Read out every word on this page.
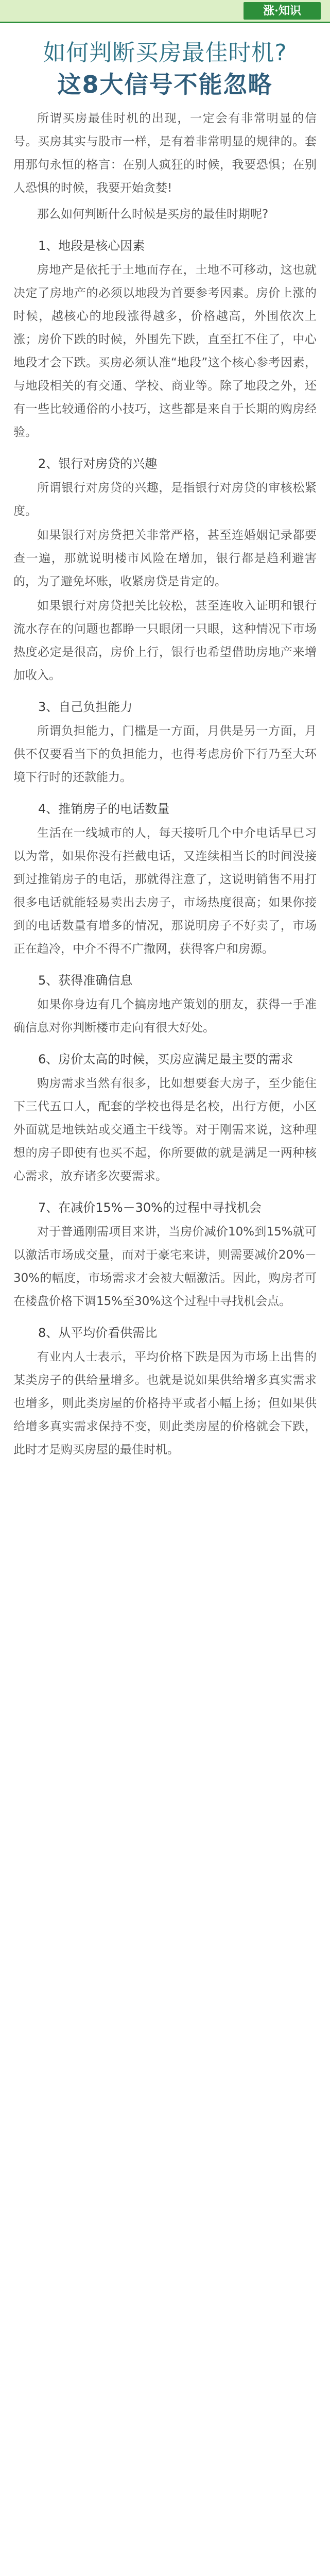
涨·知识
如何判断买房最佳时机?
这8大信号不能忽略

所谓买房最佳时机的出现，一定会有非常明显的信号。买房其实与股市一样，是有着非常明显的规律的。套用那句永恒的格言：在别人疯狂的时候，我要恐惧；在别人恐惧的时候，我要开始贪婪!

那么如何判断什么时候是买房的最佳时期呢?

1、地段是核心因素

房地产是依托于土地而存在，土地不可移动，这也就决定了房地产的必须以地段为首要参考因素。房价上涨的时候，越核心的地段涨得越多，价格越高，外围依次上涨；房价下跌的时候，外围先下跌，直至扛不住了，中心地段才会下跌。买房必须认准“地段”这个核心参考因素，与地段相关的有交通、学校、商业等。除了地段之外，还有一些比较通俗的小技巧，这些都是来自于长期的购房经验。

2、银行对房贷的兴趣

所谓银行对房贷的兴趣，是指银行对房贷的审核松紧度。

如果银行对房贷把关非常严格，甚至连婚姻记录都要查一遍，那就说明楼市风险在增加，银行都是趋利避害的，为了避免坏账，收紧房贷是肯定的。

如果银行对房贷把关比较松，甚至连收入证明和银行流水存在的问题也都睁一只眼闭一只眼，这种情况下市场热度必定是很高，房价上行，银行也希望借助房地产来增加收入。

3、自己负担能力

所谓负担能力，门槛是一方面，月供是另一方面，月供不仅要看当下的负担能力，也得考虑房价下行乃至大环境下行时的还款能力。

4、推销房子的电话数量

生活在一线城市的人，每天接听几个中介电话早已习以为常，如果你没有拦截电话，又连续相当长的时间没接到过推销房子的电话，那就得注意了，这说明销售不用打很多电话就能轻易卖出去房子，市场热度很高；如果你接到的电话数量有增多的情况，那说明房子不好卖了，市场正在趋冷，中介不得不广撒网，获得客户和房源。

5、获得准确信息

如果你身边有几个搞房地产策划的朋友，获得一手准确信息对你判断楼市走向有很大好处。

6、房价太高的时候，买房应满足最主要的需求

购房需求当然有很多，比如想要套大房子，至少能住下三代五口人，配套的学校也得是名校，出行方便，小区外面就是地铁站或交通主干线等。对于刚需来说，这种理想的房子即使有也买不起，你所要做的就是满足一两种核心需求，放弃诸多次要需求。

7、在减价15%－30%的过程中寻找机会

对于普通刚需项目来讲，当房价减价10%到15%就可以激活市场成交量，而对于豪宅来讲，则需要减价20%－30%的幅度，市场需求才会被大幅激活。因此，购房者可在楼盘价格下调15%至30%这个过程中寻找机会点。

8、从平均价看供需比

有业内人士表示，平均价格下跌是因为市场上出售的某类房子的供给量增多。也就是说如果供给增多真实需求也增多，则此类房屋的价格持平或者小幅上扬；但如果供给增多真实需求保持不变，则此类房屋的价格就会下跌，此时才是购买房屋的最佳时机。
